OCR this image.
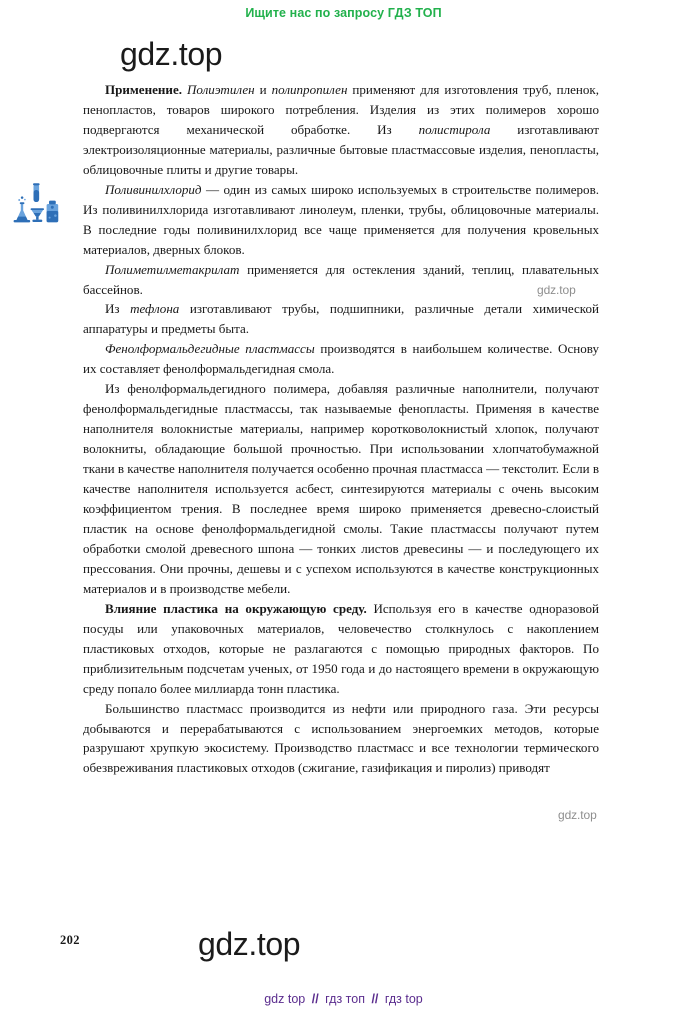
Ищите нас по запросу ГДЗ ТОП
gdz.top

Применение. Полиэтилен и полипропилен применяют для изготовления труб, пленок, пенопластов, товаров широкого потребления. Изделия из этих полимеров хорошо подвергаются механической обработке. Из полистирола изготавливают электроизоляционные материалы, различные бытовые пластмассовые изделия, пенопласты, облицовочные плиты и другие товары.

Поливинилхлорид — один из самых широко используемых в строительстве полимеров. Из поливинилхлорида изготавливают линолеум, пленки, трубы, облицовочные материалы. В последние годы поливинилхлорид все чаще применяется для получения кровельных материалов, дверных блоков.

Полиметилметакрилат применяется для остекления зданий, теплиц, плавательных бассейнов.

Из тефлона изготавливают трубы, подшипники, различные детали химической аппаратуры и предметы быта.

Фенолформальдегидные пластмассы производятся в наибольшем количестве. Основу их составляет фенолформальдегидная смола.

Из фенолформальдегидного полимера, добавляя различные наполнители, получают фенолформальдегидные пластмассы, так называемые фенопласты. Применяя в качестве наполнителя волокнистые материалы, например коротковолокнистый хлопок, получают волокниты, обладающие большой прочностью. При использовании хлопчатобумажной ткани в качестве наполнителя получается особенно прочная пластмасса — текстолит. Если в качестве наполнителя используется асбест, синтезируются материалы с очень высоким коэффициентом трения. В последнее время широко применяется древесно-слоистый пластик на основе фенолформальдегидной смолы. Такие пластмассы получают путем обработки смолой древесного шпона — тонких листов древесины — и последующего их прессования. Они прочны, дешевы и с успехом используются в качестве конструкционных материалов и в производстве мебели.

Влияние пластика на окружающую среду. Используя его в качестве одноразовой посуды или упаковочных материалов, человечество столкнулось с накоплением пластиковых отходов, которые не разлагаются с помощью природных факторов. По приблизительным подсчетам ученых, от 1950 года и до настоящего времени в окружающую среду попало более миллиарда тонн пластика.

Большинство пластмасс производится из нефти или природного газа. Эти ресурсы добываются и перерабатываются с использованием энергоемких методов, которые разрушают хрупкую экосистему. Производство пластмасс и все технологии термического обезвреживания пластиковых отходов (сжигание, газификация и пиролиз) приводят

gdz.top
gdz.top
gdz.top
202
gdz top // гдз топ // гдз top
